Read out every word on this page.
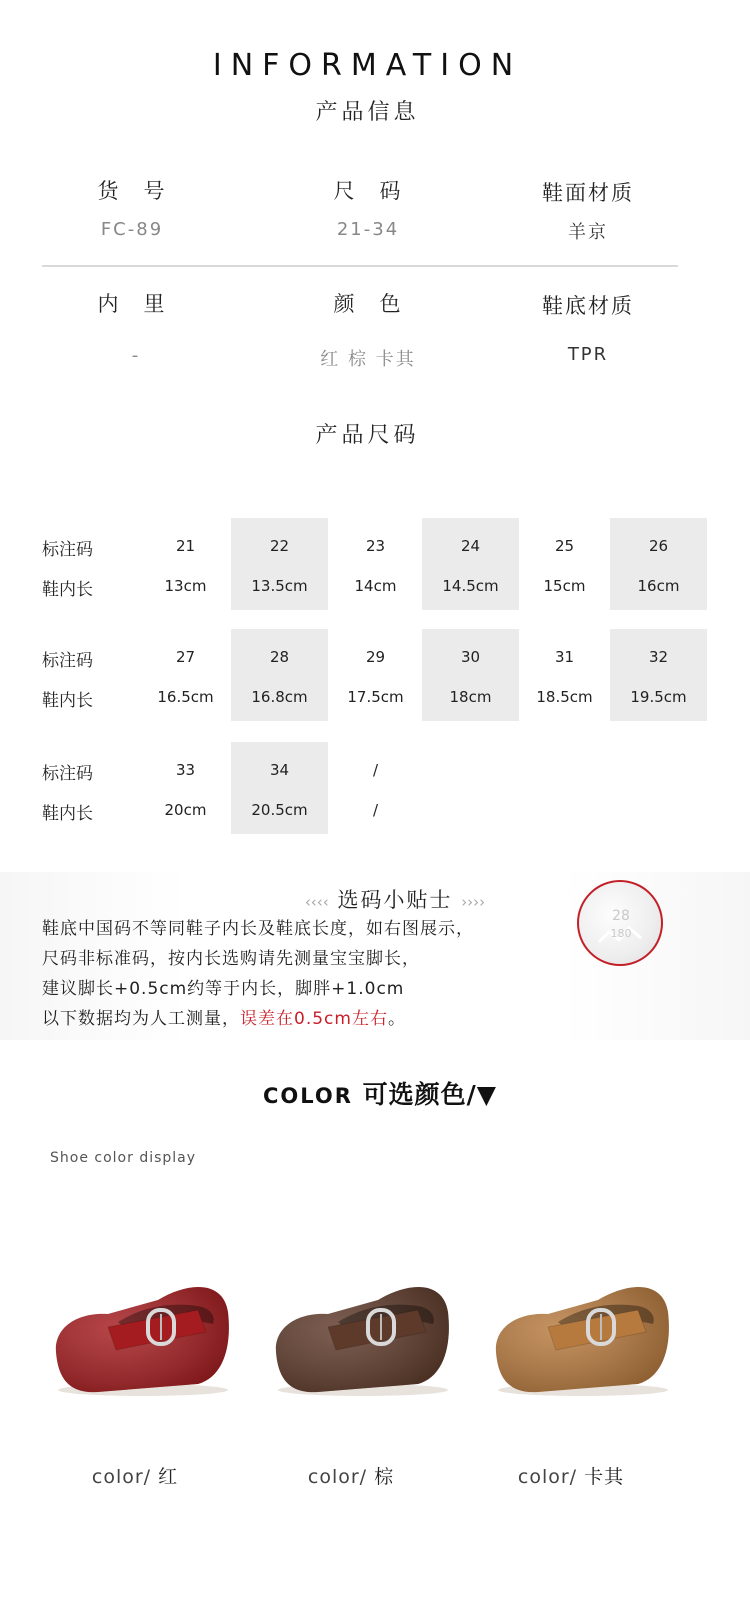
INFORMATION
产品信息
货　号
FC-89
尺　码
21-34
鞋面材质
羊京
内　里
-
颜　色
红 棕 卡其
鞋底材质
TPR
产品尺码
标注码
鞋内长
21
13cm
22
13.5cm
23
14cm
24
14.5cm
25
15cm
26
16cm
标注码
鞋内长
27
16.5cm
28
16.8cm
29
17.5cm
30
18cm
31
18.5cm
32
19.5cm
标注码
鞋内长
33
20cm
34
20.5cm
/
/
‹‹‹‹ 选码小贴士 ››››
鞋底中国码不等同鞋子内长及鞋底长度，如右图展示，
尺码非标准码，按内长选购请先测量宝宝脚长，
建议脚长+0.5cm约等于内长，脚胖+1.0cm
以下数据均为人工测量，误差在0.5cm左右。
28
180
COLOR 可选颜色/▼
Shoe color display
color/ 红	color/ 棕	color/ 卡其
